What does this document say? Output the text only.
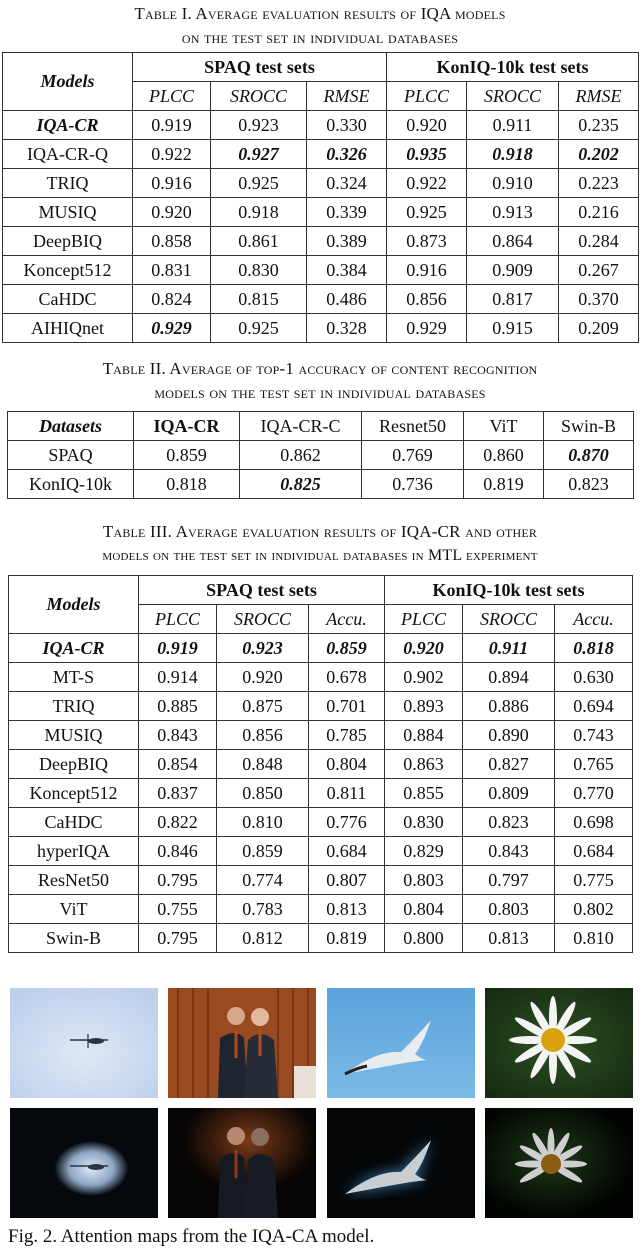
Table I. Average evaluation results of IQA models
on the test set in individual databases
Models	SPAQ test sets			KonIQ-10k test sets		
	PLCC	SROCC	RMSE	PLCC	SROCC	RMSE
IQA-CR	0.919	0.923	0.330	0.920	0.911	0.235
IQA-CR-Q	0.922	0.927	0.326	0.935	0.918	0.202
TRIQ	0.916	0.925	0.324	0.922	0.910	0.223
MUSIQ	0.920	0.918	0.339	0.925	0.913	0.216
DeepBIQ	0.858	0.861	0.389	0.873	0.864	0.284
Koncept512	0.831	0.830	0.384	0.916	0.909	0.267
CaHDC	0.824	0.815	0.486	0.856	0.817	0.370
AIHIQnet	0.929	0.925	0.328	0.929	0.915	0.209
Table II. Average of top-1 accuracy of content recognition
models on the test set in individual databases
Datasets	IQA-CR	IQA-CR-C	Resnet50	ViT	Swin-B
SPAQ	0.859	0.862	0.769	0.860	0.870
KonIQ-10k	0.818	0.825	0.736	0.819	0.823
Table III. Average evaluation results of IQA-CR and other
models on the test set in individual databases in MTL experiment
Models	SPAQ test sets			KonIQ-10k test sets		
	PLCC	SROCC	Accu.	PLCC	SROCC	Accu.
IQA-CR	0.919	0.923	0.859	0.920	0.911	0.818
MT-S	0.914	0.920	0.678	0.902	0.894	0.630
TRIQ	0.885	0.875	0.701	0.893	0.886	0.694
MUSIQ	0.843	0.856	0.785	0.884	0.890	0.743
DeepBIQ	0.854	0.848	0.804	0.863	0.827	0.765
Koncept512	0.837	0.850	0.811	0.855	0.809	0.770
CaHDC	0.822	0.810	0.776	0.830	0.823	0.698
hyperIQA	0.846	0.859	0.684	0.829	0.843	0.684
ResNet50	0.795	0.774	0.807	0.803	0.797	0.775
ViT	0.755	0.783	0.813	0.804	0.803	0.802
Swin-B	0.795	0.812	0.819	0.800	0.813	0.810
Fig. 2. Attention maps from the IQA-CA model.
